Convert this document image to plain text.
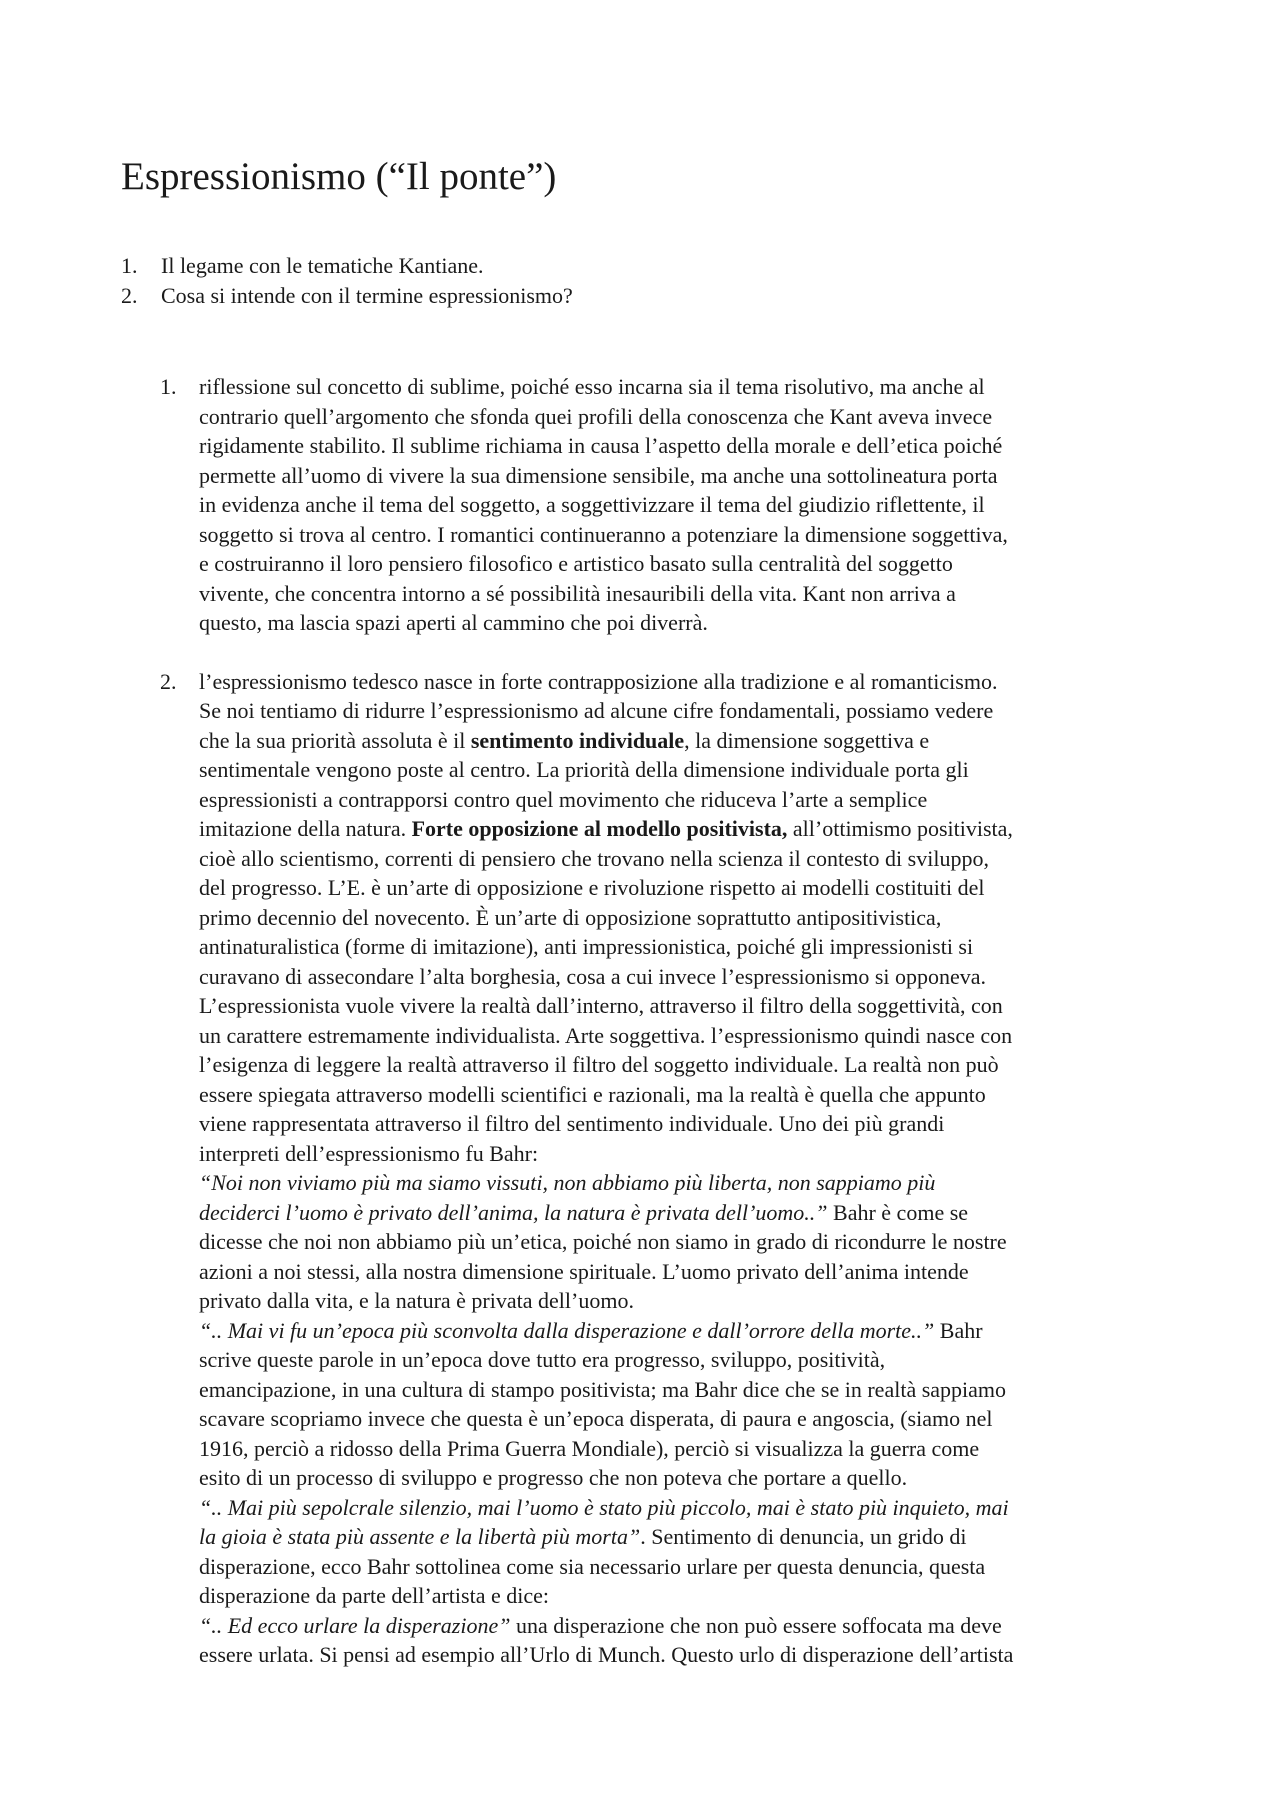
Espressionismo (“Il ponte”)
1. Il legame con le tematiche Kantiane.
2. Cosa si intende con il termine espressionismo?
1. riflessione sul concetto di sublime, poiché esso incarna sia il tema risolutivo, ma anche al
contrario quell’argomento che sfonda quei profili della conoscenza che Kant aveva invece
rigidamente stabilito. Il sublime richiama in causa l’aspetto della morale e dell’etica poiché
permette all’uomo di vivere la sua dimensione sensibile, ma anche una sottolineatura porta
in evidenza anche il tema del soggetto, a soggettivizzare il tema del giudizio riflettente, il
soggetto si trova al centro. I romantici continueranno a potenziare la dimensione soggettiva,
e costruiranno il loro pensiero filosofico e artistico basato sulla centralità del soggetto
vivente, che concentra intorno a sé possibilità inesauribili della vita. Kant non arriva a
questo, ma lascia spazi aperti al cammino che poi diverrà.
2. l’espressionismo tedesco nasce in forte contrapposizione alla tradizione e al romanticismo.
Se noi tentiamo di ridurre l’espressionismo ad alcune cifre fondamentali, possiamo vedere
che la sua priorità assoluta è il sentimento individuale, la dimensione soggettiva e
sentimentale vengono poste al centro. La priorità della dimensione individuale porta gli
espressionisti a contrapporsi contro quel movimento che riduceva l’arte a semplice
imitazione della natura. Forte opposizione al modello positivista, all’ottimismo positivista,
cioè allo scientismo, correnti di pensiero che trovano nella scienza il contesto di sviluppo,
del progresso. L’E. è un’arte di opposizione e rivoluzione rispetto ai modelli costituiti del
primo decennio del novecento. È un’arte di opposizione soprattutto antipositivistica,
antinaturalistica (forme di imitazione), anti impressionistica, poiché gli impressionisti si
curavano di assecondare l’alta borghesia, cosa a cui invece l’espressionismo si opponeva.
L’espressionista vuole vivere la realtà dall’interno, attraverso il filtro della soggettività, con
un carattere estremamente individualista. Arte soggettiva. l’espressionismo quindi nasce con
l’esigenza di leggere la realtà attraverso il filtro del soggetto individuale. La realtà non può
essere spiegata attraverso modelli scientifici e razionali, ma la realtà è quella che appunto
viene rappresentata attraverso il filtro del sentimento individuale. Uno dei più grandi
interpreti dell’espressionismo fu Bahr:
“Noi non viviamo più ma siamo vissuti, non abbiamo più liberta, non sappiamo più
deciderci l’uomo è privato dell’anima, la natura è privata dell’uomo..” Bahr è come se
dicesse che noi non abbiamo più un’etica, poiché non siamo in grado di ricondurre le nostre
azioni a noi stessi, alla nostra dimensione spirituale. L’uomo privato dell’anima intende
privato dalla vita, e la natura è privata dell’uomo.
“.. Mai vi fu un’epoca più sconvolta dalla disperazione e dall’orrore della morte..” Bahr
scrive queste parole in un’epoca dove tutto era progresso, sviluppo, positività,
emancipazione, in una cultura di stampo positivista; ma Bahr dice che se in realtà sappiamo
scavare scopriamo invece che questa è un’epoca disperata, di paura e angoscia, (siamo nel
1916, perciò a ridosso della Prima Guerra Mondiale), perciò si visualizza la guerra come
esito di un processo di sviluppo e progresso che non poteva che portare a quello.
“.. Mai più sepolcrale silenzio, mai l’uomo è stato più piccolo, mai è stato più inquieto, mai
la gioia è stata più assente e la libertà più morta”. Sentimento di denuncia, un grido di
disperazione, ecco Bahr sottolinea come sia necessario urlare per questa denuncia, questa
disperazione da parte dell’artista e dice:
“.. Ed ecco urlare la disperazione” una disperazione che non può essere soffocata ma deve
essere urlata. Si pensi ad esempio all’Urlo di Munch. Questo urlo di disperazione dell’artista
